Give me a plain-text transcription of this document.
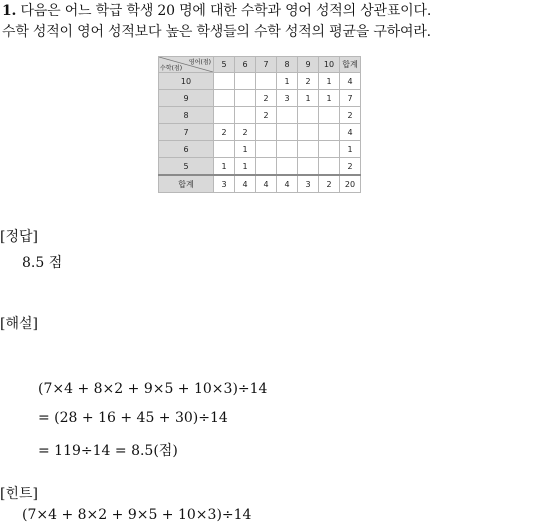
1. 다음은 어느 학급 학생 20 명에 대한 수학과 영어 성적의 상관표이다.
수학 성적이 영어 성적보다 높은 학생들의 수학 성적의 평균을 구하여라.
영어(점)
수학(점)	5	6	7	8	9	10	합계
10				1	2	1	4
9			2	3	1	1	7
8			2				2
7	2	2					4
6		1					1
5	1	1					2
합계	3	4	4	4	3	2	20
[정답]
8.5 점
[해설]
(7×4 + 8×2 + 9×5 + 10×3)÷14
= (28 + 16 + 45 + 30)÷14
= 119÷14 = 8.5(점)
[힌트]
(7×4 + 8×2 + 9×5 + 10×3)÷14
